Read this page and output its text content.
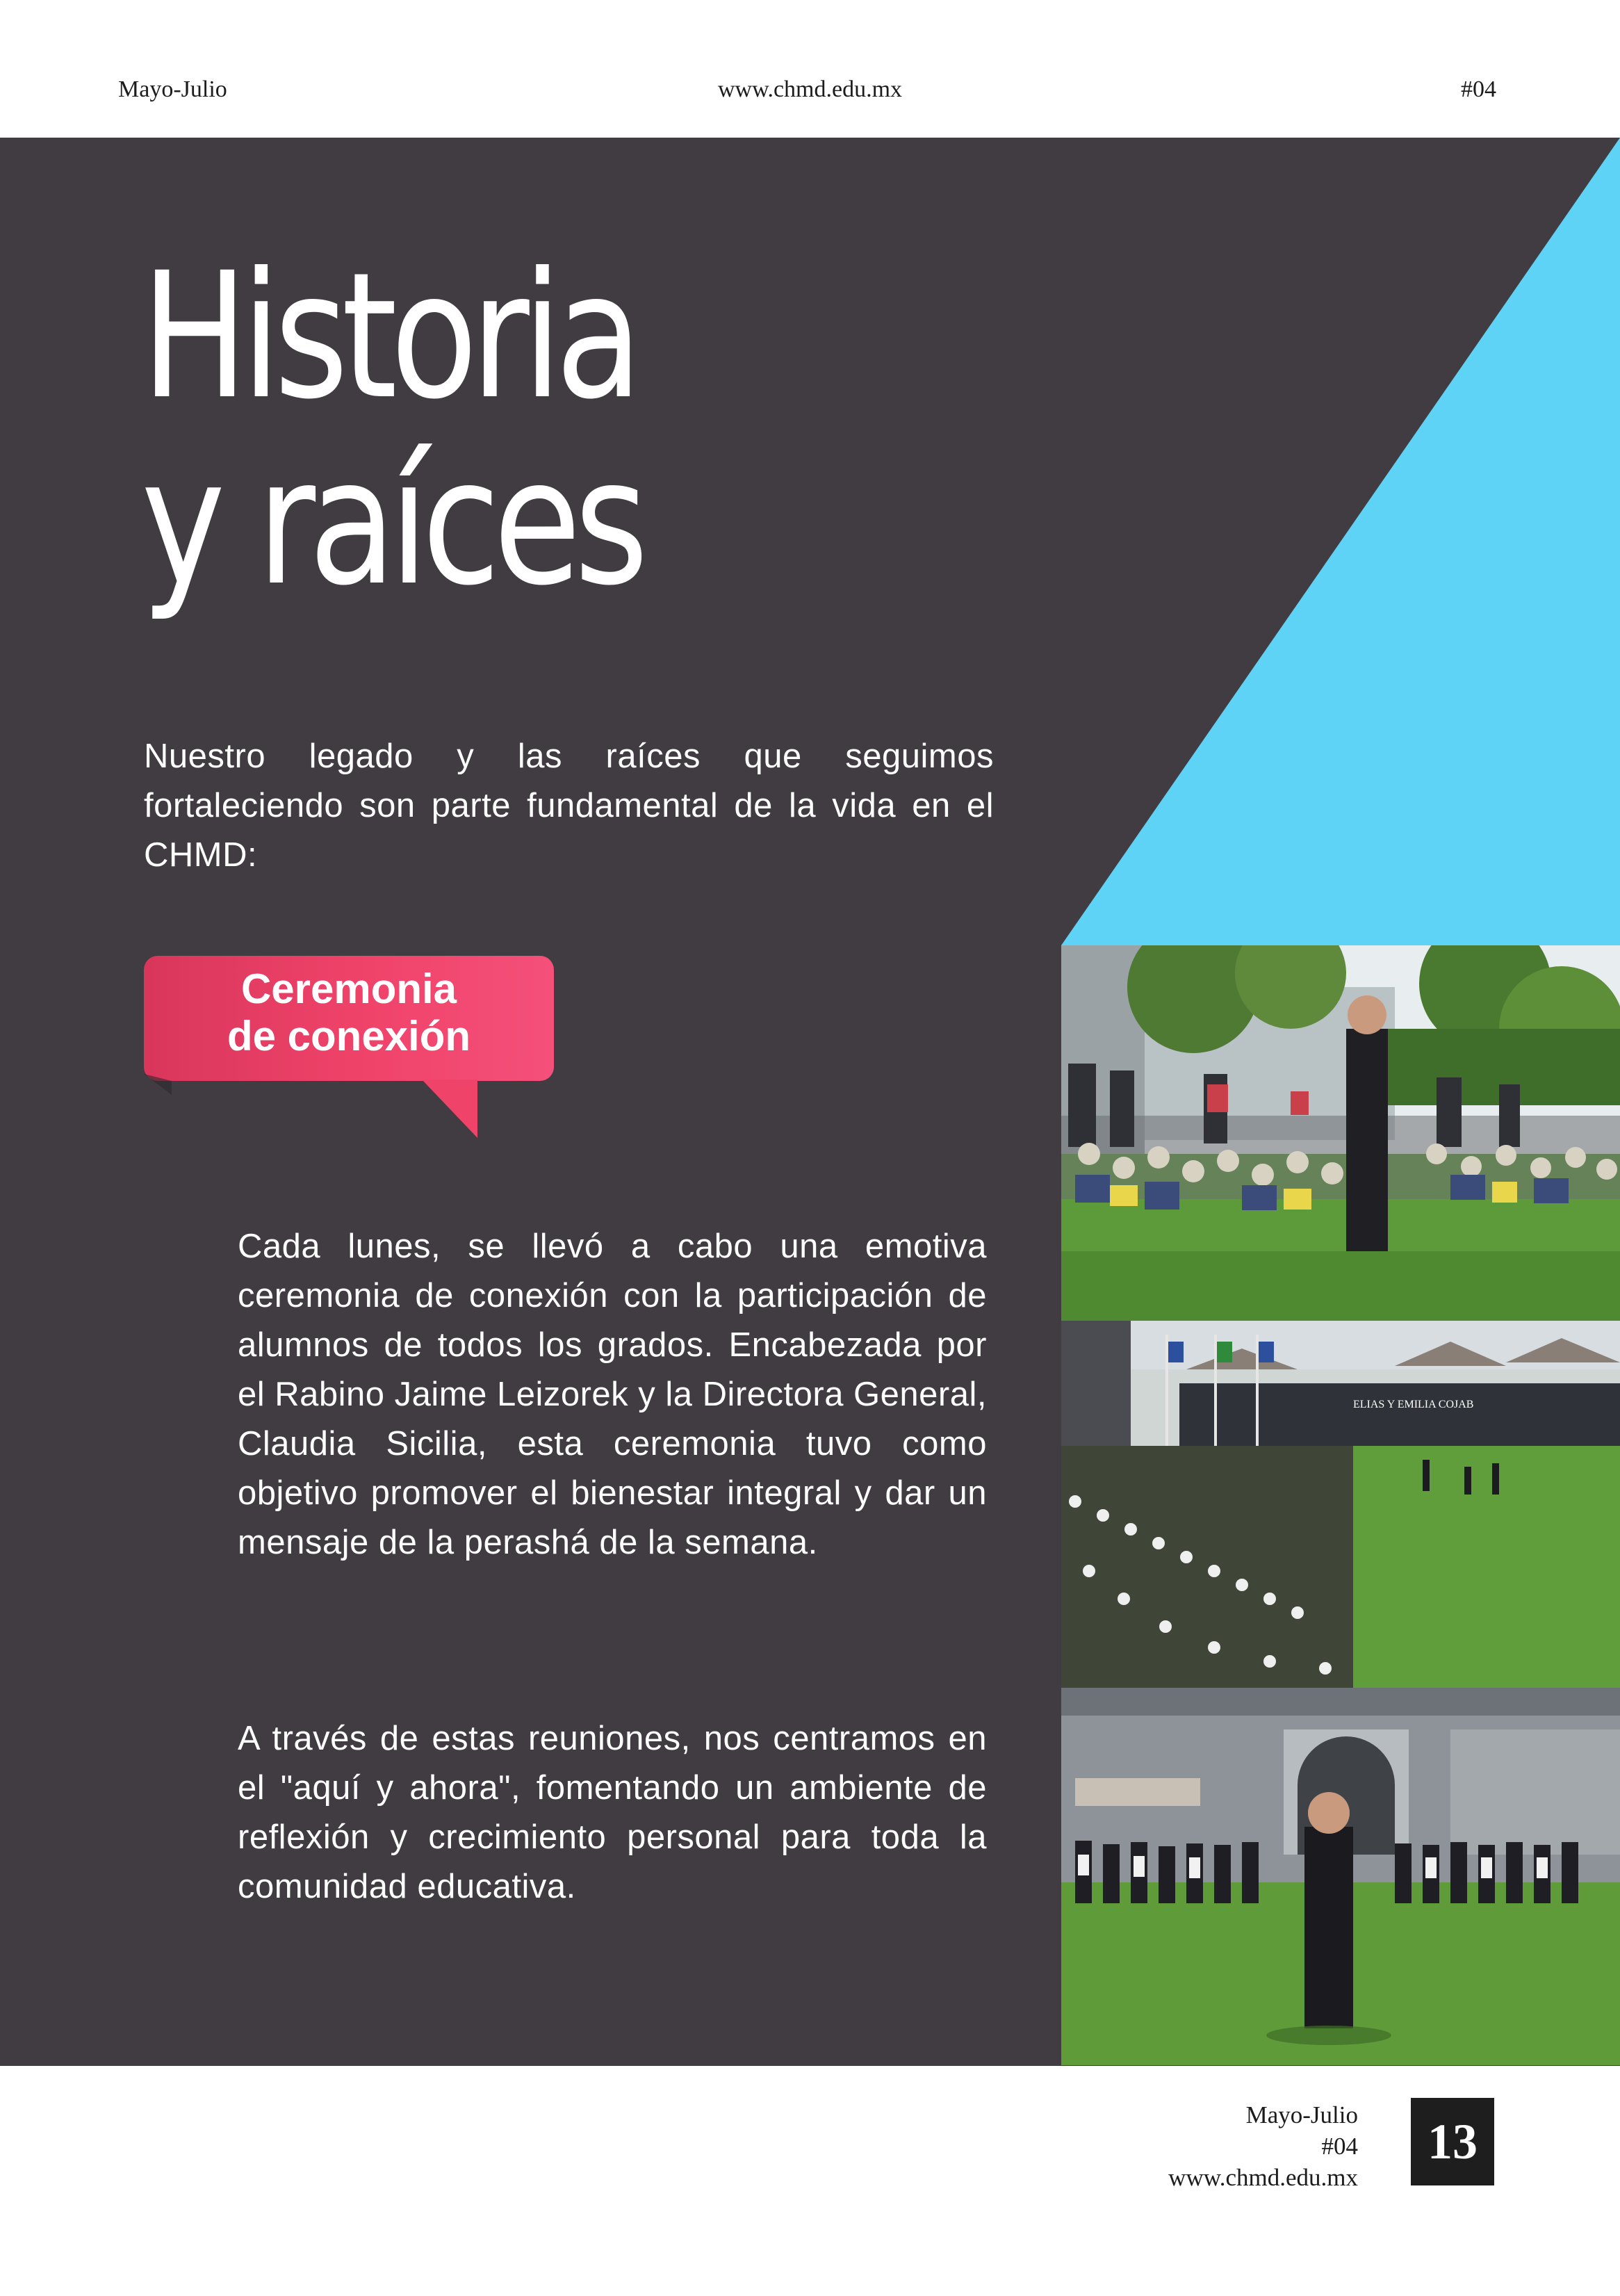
Mayo-Julio	www.chmd.edu.mx	#04
Historia
y raíces
Nuestro legado y las raíces que seguimos fortaleciendo son parte fundamental de la vida en el CHMD:
Ceremonia
de conexión
Cada lunes, se llevó a cabo una emotiva ceremonia de conexión con la participación de alumnos de todos los grados. Encabezada por el Rabino Jaime Leizorek y la Directora General, Claudia Sicilia, esta ceremonia tuvo como objetivo promover el bienestar integral y dar un mensaje de la perashá de la semana.
A través de estas reuniones, nos centramos en el "aquí y ahora", fomentando un ambiente de reflexión y crecimiento personal para toda la comunidad educativa.
ELIAS Y EMILIA COJAB
Mayo-Julio
#04
www.chmd.edu.mx
13
